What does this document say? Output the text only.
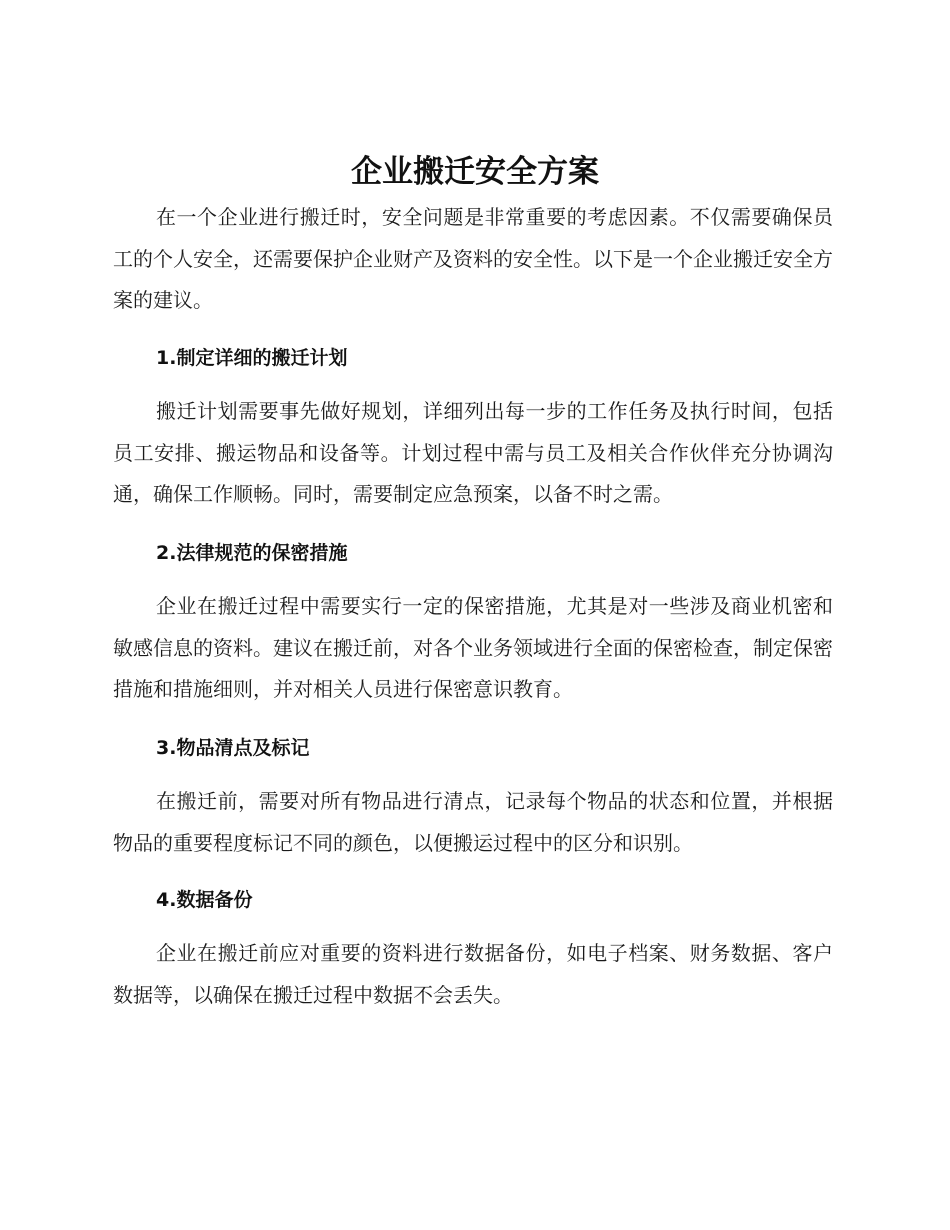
企业搬迁安全方案

在一个企业进行搬迁时，安全问题是非常重要的考虑因素。不仅需要确保员工的个人安全，还需要保护企业财产及资料的安全性。以下是一个企业搬迁安全方案的建议。

1.制定详细的搬迁计划

搬迁计划需要事先做好规划，详细列出每一步的工作任务及执行时间，包括员工安排、搬运物品和设备等。计划过程中需与员工及相关合作伙伴充分协调沟通，确保工作顺畅。同时，需要制定应急预案，以备不时之需。

2.法律规范的保密措施

企业在搬迁过程中需要实行一定的保密措施，尤其是对一些涉及商业机密和敏感信息的资料。建议在搬迁前，对各个业务领域进行全面的保密检查，制定保密措施和措施细则，并对相关人员进行保密意识教育。

3.物品清点及标记

在搬迁前，需要对所有物品进行清点，记录每个物品的状态和位置，并根据物品的重要程度标记不同的颜色，以便搬运过程中的区分和识别。

4.数据备份

企业在搬迁前应对重要的资料进行数据备份，如电子档案、财务数据、客户数据等，以确保在搬迁过程中数据不会丢失。
